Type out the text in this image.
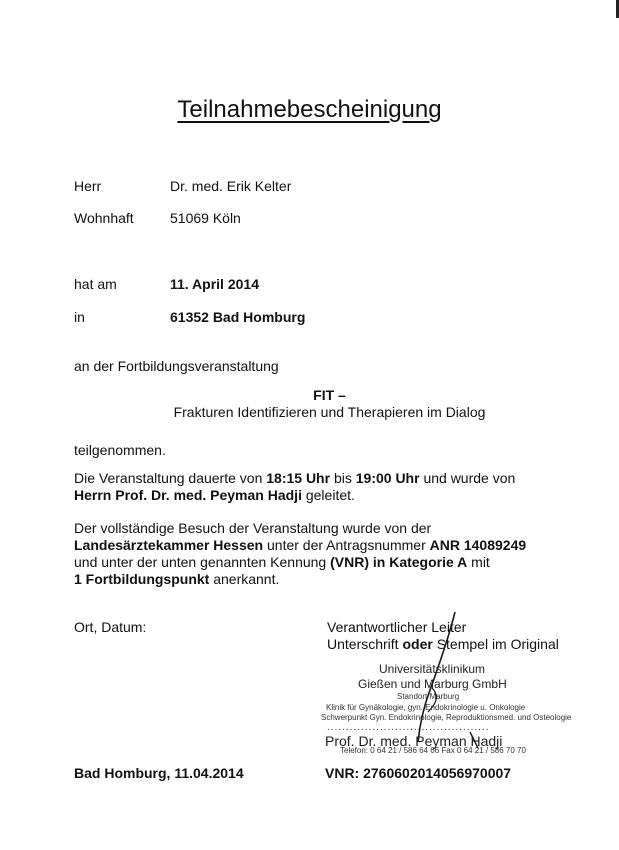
Teilnahmebescheinigung
Herr	Dr. med. Erik Kelter
Wohnhaft	51069 Köln
hat am	11. April 2014
in	61352 Bad Homburg
an der Fortbildungsveranstaltung
FIT –
Frakturen Identifizieren und Therapieren im Dialog
teilgenommen.
Die Veranstaltung dauerte von 18:15 Uhr bis 19:00 Uhr und wurde von
Herrn Prof. Dr. med. Peyman Hadji geleitet.
Der vollständige Besuch der Veranstaltung wurde von der
Landesärztekammer Hessen unter der Antragsnummer ANR 14089249
und unter der unten genannten Kennung (VNR) in Kategorie A mit
1 Fortbildungspunkt anerkannt.
Ort, Datum:	Verantwortlicher Leiter
Unterschrift oder Stempel im Original
Universitätsklinikum
Gießen und Marburg GmbH
Standort Marburg
Klinik für Gynäkologie, gyn. Endokrinologie u. Onkologie
Schwerpunkt Gyn. Endokrinologie, Reproduktionsmed. und Osteologie
...........................................
Prof. Dr. med. Peyman Hadji
Telefon: 0 64 21 / 586 64 66 Fax 0 64 21 / 586 70 70
Bad Homburg, 11.04.2014	VNR: 2760602014056970007
